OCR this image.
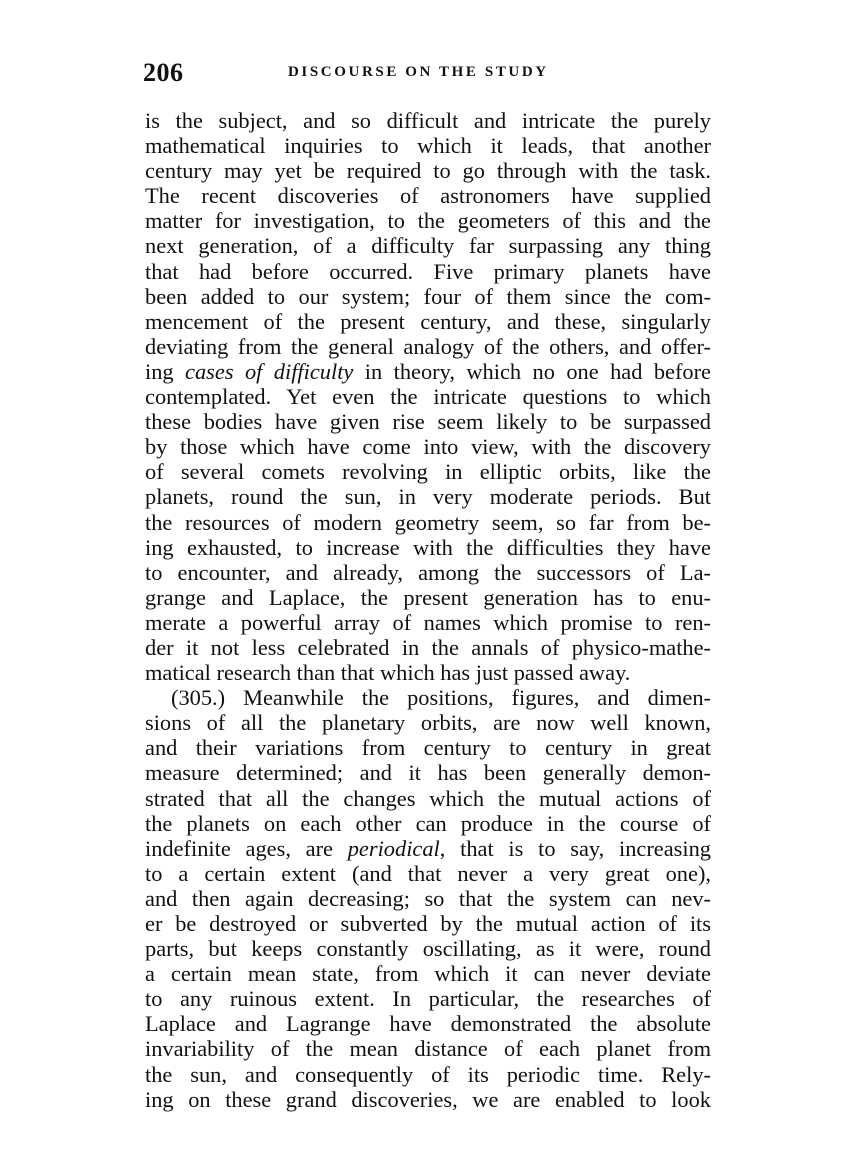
206	DISCOURSE ON THE STUDY
is the subject, and so difficult and intricate the purely
mathematical inquiries to which it leads, that another
century may yet be required to go through with the task.
The recent discoveries of astronomers have supplied
matter for investigation, to the geometers of this and the
next generation, of a difficulty far surpassing any thing
that had before occurred. Five primary planets have
been added to our system; four of them since the com-
mencement of the present century, and these, singularly
deviating from the general analogy of the others, and offer-
ing cases of difficulty in theory, which no one had before
contemplated. Yet even the intricate questions to which
these bodies have given rise seem likely to be surpassed
by those which have come into view, with the discovery
of several comets revolving in elliptic orbits, like the
planets, round the sun, in very moderate periods. But
the resources of modern geometry seem, so far from be-
ing exhausted, to increase with the difficulties they have
to encounter, and already, among the successors of La-
grange and Laplace, the present generation has to enu-
merate a powerful array of names which promise to ren-
der it not less celebrated in the annals of physico-mathe-
matical research than that which has just passed away.
(305.) Meanwhile the positions, figures, and dimen-
sions of all the planetary orbits, are now well known,
and their variations from century to century in great
measure determined; and it has been generally demon-
strated that all the changes which the mutual actions of
the planets on each other can produce in the course of
indefinite ages, are periodical, that is to say, increasing
to a certain extent (and that never a very great one),
and then again decreasing; so that the system can nev-
er be destroyed or subverted by the mutual action of its
parts, but keeps constantly oscillating, as it were, round
a certain mean state, from which it can never deviate
to any ruinous extent. In particular, the researches of
Laplace and Lagrange have demonstrated the absolute
invariability of the mean distance of each planet from
the sun, and consequently of its periodic time. Rely-
ing on these grand discoveries, we are enabled to look
